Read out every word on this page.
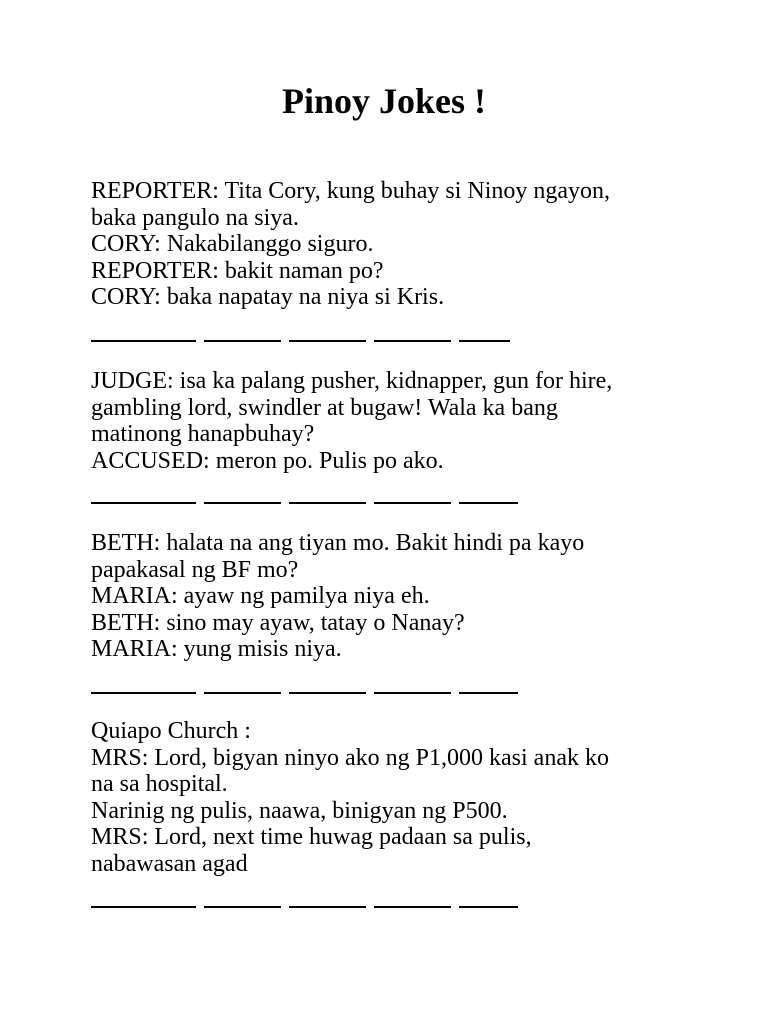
Pinoy Jokes !
REPORTER: Tita Cory, kung buhay si Ninoy ngayon,
baka pangulo na siya.
CORY: Nakabilanggo siguro.
REPORTER: bakit naman po?
CORY: baka napatay na niya si Kris.
JUDGE: isa ka palang pusher, kidnapper, gun for hire,
gambling lord, swindler at bugaw! Wala ka bang
matinong hanapbuhay?
ACCUSED: meron po. Pulis po ako.
BETH: halata na ang tiyan mo. Bakit hindi pa kayo
papakasal ng BF mo?
MARIA: ayaw ng pamilya niya eh.
BETH: sino may ayaw, tatay o Nanay?
MARIA: yung misis niya.
Quiapo Church :
MRS: Lord, bigyan ninyo ako ng P1,000 kasi anak ko
na sa hospital.
Narinig ng pulis, naawa, binigyan ng P500.
MRS: Lord, next time huwag padaan sa pulis,
nabawasan agad
